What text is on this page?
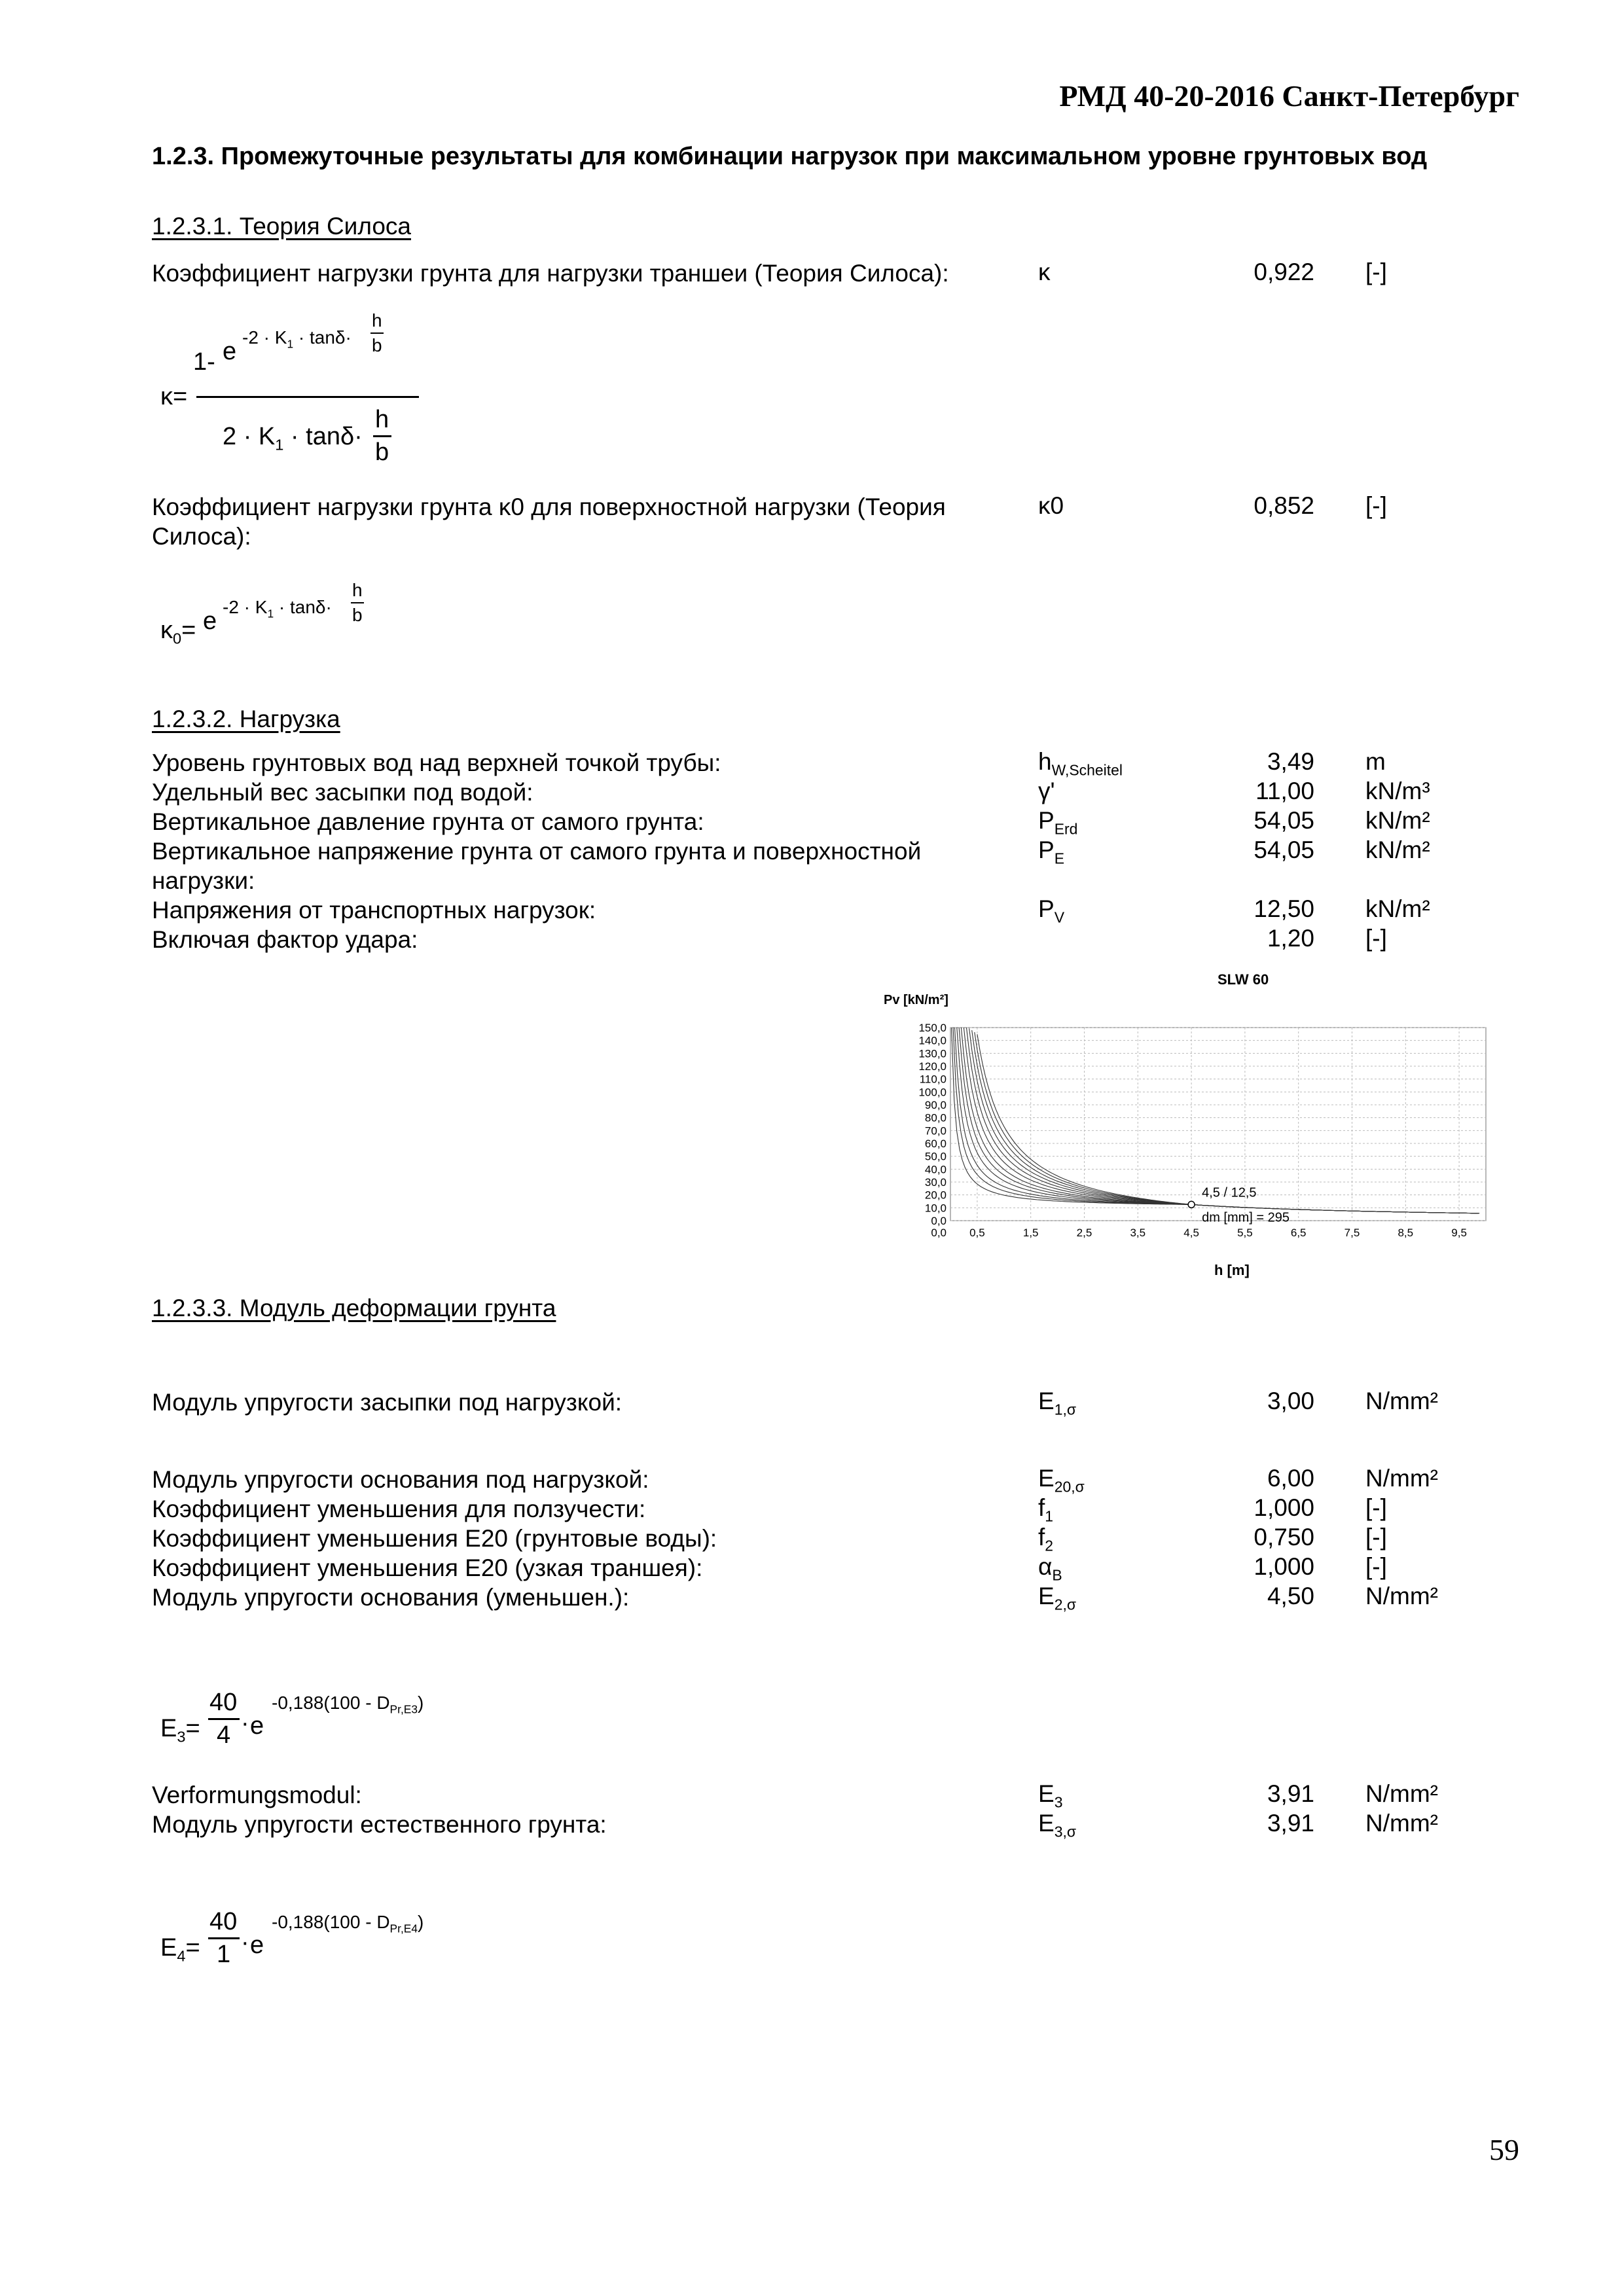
РМД 40-20-2016 Санкт-Петербург
1.2.3. Промежуточные результаты для комбинации нагрузок при максимальном уровне грунтовых вод
1.2.3.1. Теория Силоса
Коэффициент нагрузки грунта для нагрузки траншеи (Теория Силоса):	κ	0,922 [-]
κ=
1- e
$-2 \cdot K_1 \cdot \tan\delta\cdot$
h
b
$2 \cdot K_1 \cdot \tan\delta\cdot$
h
b
Коэффициент нагрузки грунта κ0 для поверхностной нагрузки (Теория Силоса):
κ0	0,852 [-]
$\kappa_0= e$
$-2 \cdot K_1 \cdot \tan\delta\cdot$
h
b
1.2.3.2. Нагрузка
Уровень грунтовых вод над верхней точкой трубы:	$h_{W,Scheitel}$	3,49 m
Удельный вес засыпки под водой:	γ'	11,00 kN/m³
Вертикальное давление грунта от самого грунта:	$P_{Erd}$	54,05 kN/m²
Вертикальное напряжение грунта от самого грунта и поверхностной
нагрузки:
$P_E$	54,05 kN/m²
Напряжения от транспортных нагрузок:	$P_V$	12,50 kN/m²
Включая фактор удара:	1,20 [-]
SLW 60
Pv [kN/m²]
h [m]
150,0
140,0
130,0
120,0
110,0
100,0
90,0
80,0
70,0
60,0
50,0
40,0
30,0
20,0
10,0
0,0
0,5	1,5	2,5	3,5	4,5	5,5	6,5	7,5	8,5	9,5
0,0
4,5 / 12,5
dm [mm] = 295
1.2.3.3. Модуль деформации грунта
Модуль упругости засыпки под нагрузкой:	$E_{1,\sigma}$	3,00 N/mm²
Модуль упругости основания под нагрузкой:	$E_{20,\sigma}$	6,00 N/mm²
Коэффициент уменьшения для ползучести:	$f_1$	1,000 [-]
Коэффициент уменьшения E20 (грунтовые воды):	$f_2$	0,750 [-]
Коэффициент уменьшения E20 (узкая траншея):	$\alpha_B$	1,000 [-]
Модуль упругости основания (уменьшен.):	$E_{2,\sigma}$	4,50 N/mm²
$E_3=$
40
4 · e
$-0,188(100 - D_{Pr,E3})$
Verformungsmodul:	$E_3$	3,91 N/mm²
Модуль упругости естественного грунта:	$E_{3,\sigma}$	3,91 N/mm²
$E_4=$
40
1 · e
$-0,188(100 - D_{Pr,E4})$
59
